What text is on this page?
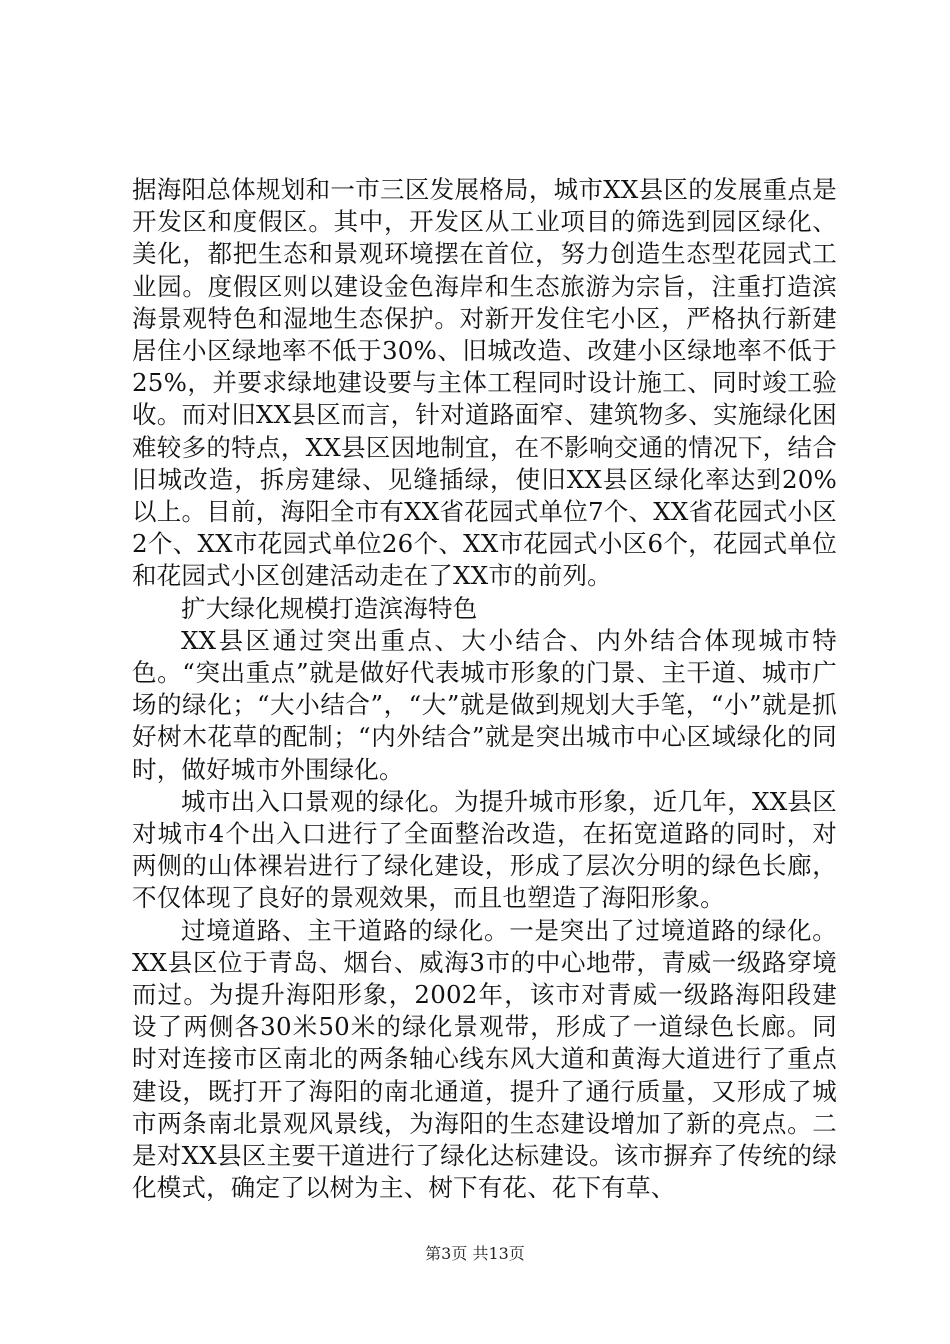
据海阳总体规划和一市三区发展格局，城市XX县区的发展重点是开发区和度假区。其中，开发区从工业项目的筛选到园区绿化、美化，都把生态和景观环境摆在首位，努力创造生态型花园式工业园。度假区则以建设金色海岸和生态旅游为宗旨，注重打造滨海景观特色和湿地生态保护。对新开发住宅小区，严格执行新建居住小区绿地率不低于30%、旧城改造、改建小区绿地率不低于25%，并要求绿地建设要与主体工程同时设计施工、同时竣工验收。而对旧XX县区而言，针对道路面窄、建筑物多、实施绿化困难较多的特点，XX县区因地制宜，在不影响交通的情况下，结合旧城改造，拆房建绿、见缝插绿，使旧XX县区绿化率达到20%以上。目前，海阳全市有XX省花园式单位7个、XX省花园式小区2个、XX市花园式单位26个、XX市花园式小区6个，花园式单位和花园式小区创建活动走在了XX市的前列。

扩大绿化规模打造滨海特色

XX县区通过突出重点、大小结合、内外结合体现城市特色。“突出重点”就是做好代表城市形象的门景、主干道、城市广场的绿化；“大小结合”，“大”就是做到规划大手笔，“小”就是抓好树木花草的配制；“内外结合”就是突出城市中心区域绿化的同时，做好城市外围绿化。

城市出入口景观的绿化。为提升城市形象，近几年，XX县区对城市4个出入口进行了全面整治改造，在拓宽道路的同时，对两侧的山体裸岩进行了绿化建设，形成了层次分明的绿色长廊，不仅体现了良好的景观效果，而且也塑造了海阳形象。

过境道路、主干道路的绿化。一是突出了过境道路的绿化。XX县区位于青岛、烟台、威海3市的中心地带，青威一级路穿境而过。为提升海阳形象，2002年，该市对青威一级路海阳段建设了两侧各30米50米的绿化景观带，形成了一道绿色长廊。同时对连接市区南北的两条轴心线东风大道和黄海大道进行了重点建设，既打开了海阳的南北通道，提升了通行质量，又形成了城市两条南北景观风景线，为海阳的生态建设增加了新的亮点。二是对XX县区主要干道进行了绿化达标建设。该市摒弃了传统的绿化模式，确定了以树为主、树下有花、花下有草、

第3页 共13页
